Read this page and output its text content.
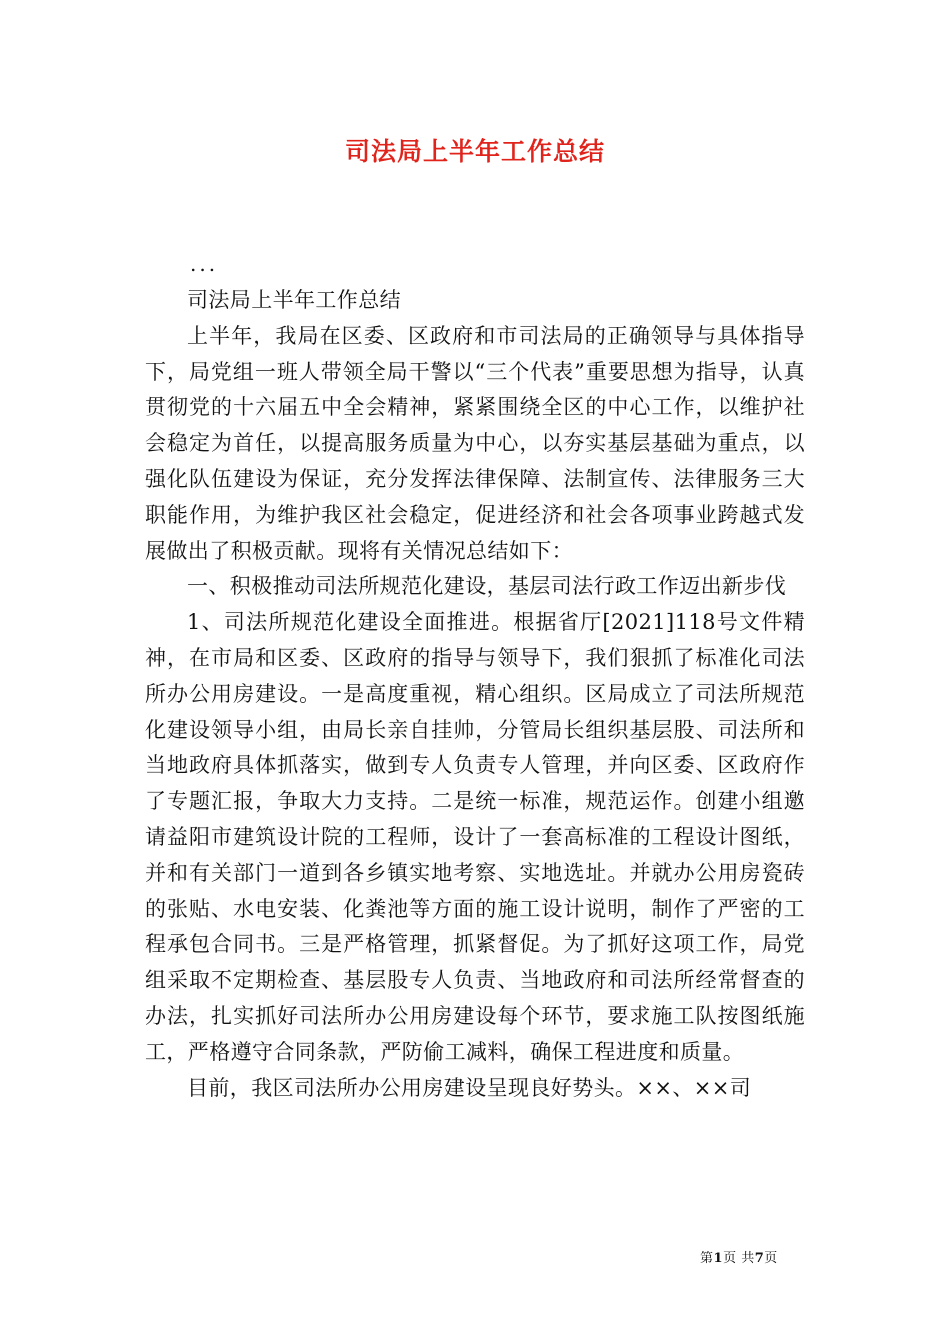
司法局上半年工作总结
...

司法局上半年工作总结

上半年，我局在区委、区政府和市司法局的正确领导与具体指导下，局党组一班人带领全局干警以“三个代表”重要思想为指导，认真贯彻党的十六届五中全会精神，紧紧围绕全区的中心工作，以维护社会稳定为首任，以提高服务质量为中心，以夯实基层基础为重点，以强化队伍建设为保证，充分发挥法律保障、法制宣传、法律服务三大职能作用，为维护我区社会稳定，促进经济和社会各项事业跨越式发展做出了积极贡献。现将有关情况总结如下：

一、积极推动司法所规范化建设，基层司法行政工作迈出新步伐

1、司法所规范化建设全面推进。根据省厅[2021]118号文件精神，在市局和区委、区政府的指导与领导下，我们狠抓了标准化司法所办公用房建设。一是高度重视，精心组织。区局成立了司法所规范化建设领导小组，由局长亲自挂帅，分管局长组织基层股、司法所和当地政府具体抓落实，做到专人负责专人管理，并向区委、区政府作了专题汇报，争取大力支持。二是统一标准，规范运作。创建小组邀请益阳市建筑设计院的工程师，设计了一套高标准的工程设计图纸，并和有关部门一道到各乡镇实地考察、实地选址。并就办公用房瓷砖的张贴、水电安装、化粪池等方面的施工设计说明，制作了严密的工程承包合同书。三是严格管理，抓紧督促。为了抓好这项工作，局党组采取不定期检查、基层股专人负责、当地政府和司法所经常督查的办法，扎实抓好司法所办公用房建设每个环节，要求施工队按图纸施工，严格遵守合同条款，严防偷工减料，确保工程进度和质量。

目前，我区司法所办公用房建设呈现良好势头。××、××司

第1页 共7页
